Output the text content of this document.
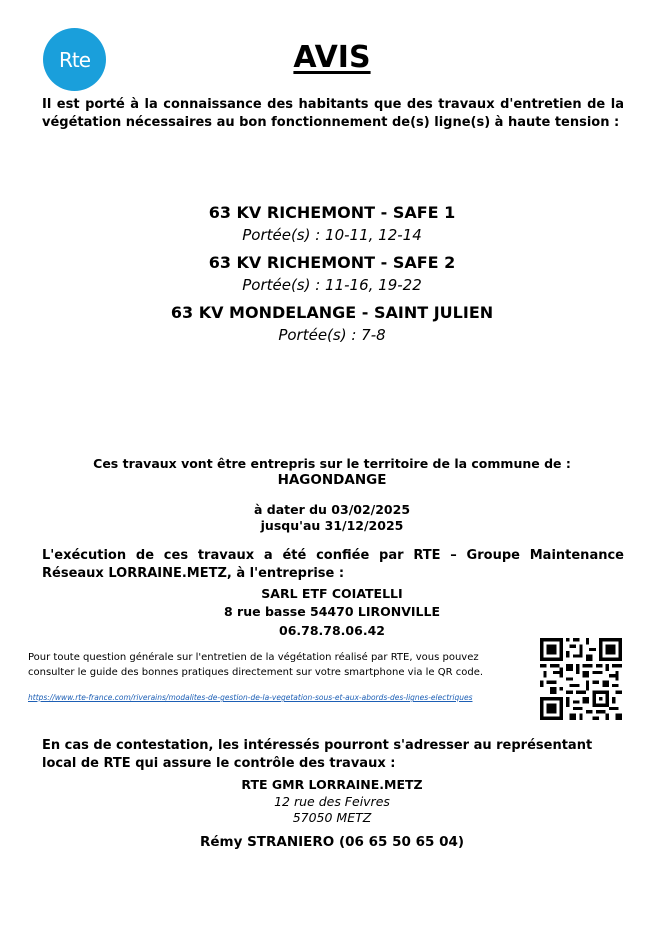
Rte	AVIS

Il est porté à la connaissance des habitants que des travaux d'entretien de la végétation nécessaires au bon fonctionnement de(s) ligne(s) à haute tension :

63 KV RICHEMONT - SAFE 1
Portée(s) : 10-11, 12-14
63 KV RICHEMONT - SAFE 2
Portée(s) : 11-16, 19-22
63 KV MONDELANGE - SAINT JULIEN
Portée(s) : 7-8
Ces travaux vont être entrepris sur le territoire de la commune de :
HAGONDANGE
à dater du 03/02/2025
jusqu'au 31/12/2025

L'exécution de ces travaux a été confiée par RTE – Groupe Maintenance Réseaux LORRAINE.METZ, à l'entreprise :

SARL ETF COIATELLI
8 rue basse 54470 LIRONVILLE
06.78.78.06.42

Pour toute question générale sur l'entretien de la végétation réalisé par RTE, vous pouvez consulter le guide des bonnes pratiques directement sur votre smartphone via le QR code.

https://www.rte-france.com/riverains/modalites-de-gestion-de-la-vegetation-sous-et-aux-abords-des-lignes-electriques

En cas de contestation, les intéressés pourront s'adresser au représentant local de RTE qui assure le contrôle des travaux :

RTE GMR LORRAINE.METZ
12 rue des Feivres
57050 METZ
Rémy STRANIERO (06 65 50 65 04)
